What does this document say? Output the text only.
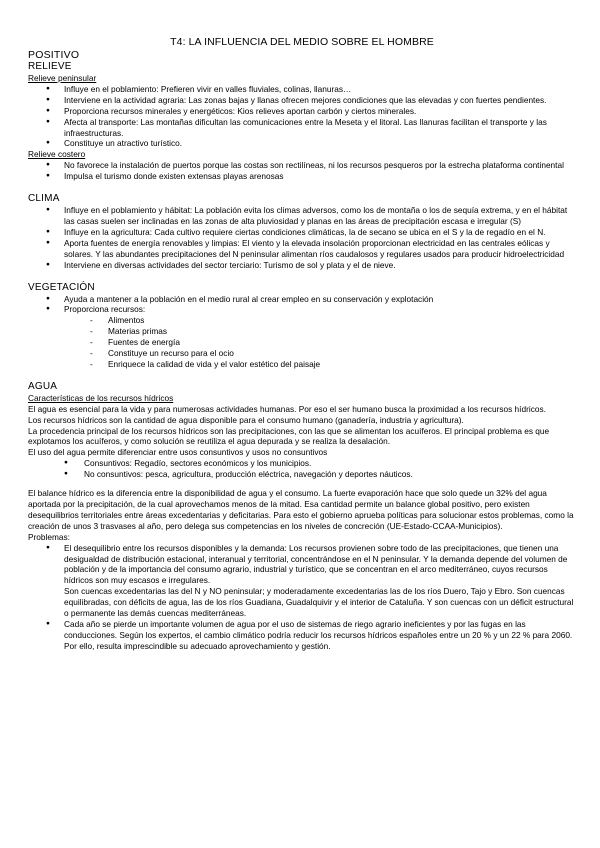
T4: LA INFLUENCIA DEL MEDIO SOBRE EL HOMBRE
POSITIVO
RELIEVE
Relieve peninsular
● Influye en el poblamiento: Prefieren vivir en valles fluviales, colinas, llanuras…
● Interviene en la actividad agraria: Las zonas bajas y llanas ofrecen mejores condiciones que las elevadas y con fuertes pendientes.
● Proporciona recursos minerales y energéticos: Kios relieves aportan carbón y ciertos minerales.
● Afecta al transporte: Las montañas dificultan las comunicaciones entre la Meseta y el litoral. Las llanuras facilitan el transporte y las infraestructuras.
● Constituye un atractivo turístico.
Relieve costero
● No favorece la instalación de puertos porque las costas son rectilíneas, ni los recursos pesqueros por la estrecha plataforma continental
● Impulsa el turismo donde existen extensas playas arenosas
CLIMA
● Influye en el poblamiento y hábitat: La población evita los climas adversos, como los de montaña o los de sequía extrema, y en el hábitat las casas suelen ser inclinadas en las zonas de alta pluviosidad y planas en las áreas de precipitación escasa e irregular (S)
● Influye en la agricultura: Cada cultivo requiere ciertas condiciones climáticas, la de secano se ubica en el S y la de regadío en el N.
● Aporta fuentes de energía renovables y limpias: El viento y la elevada insolación proporcionan electricidad en las centrales eólicas y solares. Y las abundantes precipitaciones del N peninsular alimentan ríos caudalosos y regulares usados para producir hidroelectricidad
● Interviene en diversas actividades del sector terciario: Turismo de sol y plata y el de nieve.
VEGETACIÓN
● Ayuda a mantener a la población en el medio rural al crear empleo en su conservación y explotación
● Proporciona recursos:
- Alimentos
- Materias primas
- Fuentes de energía
- Constituye un recurso para el ocio
- Enriquece la calidad de vida y el valor estético del paisaje
AGUA
Características de los recursos hídricos

El agua es esencial para la vida y para numerosas actividades humanas. Por eso el ser humano busca la proximidad a los recursos hídricos.

Los recursos hídricos son la cantidad de agua disponible para el consumo humano (ganadería, industria y agricultura).

La procedencia principal de los recursos hídricos son las precipitaciones, con las que se alimentan los acuíferos. El principal problema es que explotamos los acuíferos, y como solución se reutiliza el agua depurada y se realiza la desalación.

El uso del agua permite diferenciar entre usos consuntivos y usos no consuntivos

● Consuntivos: Regadío, sectores económicos y los municipios.
● No consuntivos: pesca, agricultura, producción eléctrica, navegación y deportes náuticos.

El balance hídrico es la diferencia entre la disponibilidad de agua y el consumo. La fuerte evaporación hace que solo quede un 32% del agua aportada por la precipitación, de la cual aprovechamos menos de la mitad. Esa cantidad permite un balance global positivo, pero existen desequilibrios territoriales entre áreas excedentarias y deficitarias. Para esto el gobierno aprueba políticas para solucionar estos problemas, como la creación de unos 3 trasvases al año, pero delega sus competencias en los niveles de concreción (UE-Estado-CCAA-Municipios).

Problemas:
● El desequilibrio entre los recursos disponibles y la demanda: Los recursos provienen sobre todo de las precipitaciones, que tienen una desigualdad de distribución estacional, interanual y territorial, concentrándose en el N peninsular. Y la demanda depende del volumen de población y de la importancia del consumo agrario, industrial y turístico, que se concentran en el arco mediterráneo, cuyos recursos hídricos son muy escasos e irregulares.
Son cuencas excedentarias las del N y NO peninsular; y moderadamente excedentarias las de los ríos Duero, Tajo y Ebro. Son cuencas equilibradas, con déficits de agua, las de los ríos Guadiana, Guadalquivir y el interior de Cataluña. Y son cuencas con un déficit estructural o permanente las demás cuencas mediterráneas.
● Cada año se pierde un importante volumen de agua por el uso de sistemas de riego agrario ineficientes y por las fugas en las conducciones. Según los expertos, el cambio climático podría reducir los recursos hídricos españoles entre un 20 % y un 22 % para 2060. Por ello, resulta imprescindible su adecuado aprovechamiento y gestión.
